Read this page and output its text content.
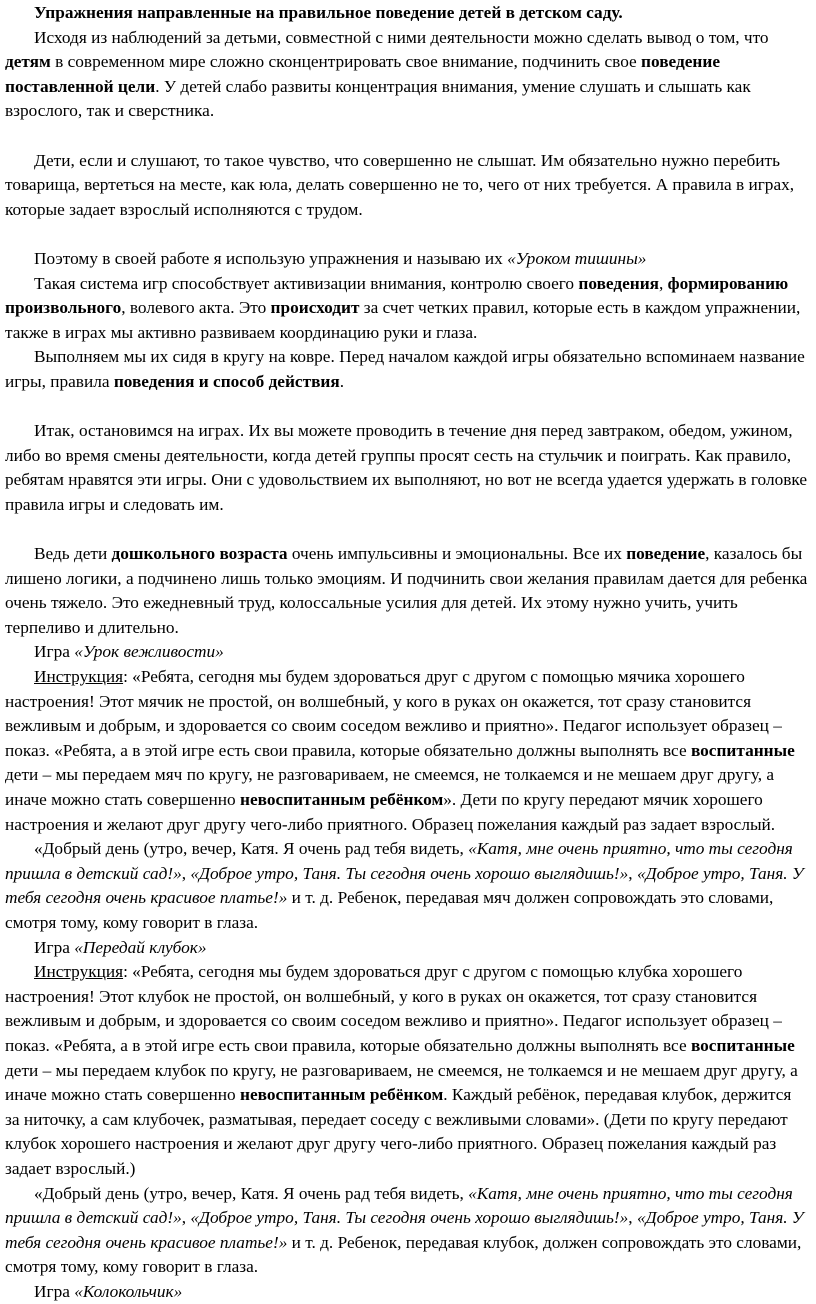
Упражнения направленные на правильное поведение детей в детском саду.

Исходя из наблюдений за детьми, совместной с ними деятельности можно сделать вывод о том, что детям в современном мире сложно сконцентрировать свое внимание, подчинить свое поведение поставленной цели. У детей слабо развиты концентрация внимания, умение слушать и слышать как взрослого, так и сверстника.

Дети, если и слушают, то такое чувство, что совершенно не слышат. Им обязательно нужно перебить товарища, вертеться на месте, как юла, делать совершенно не то, чего от них требуется. А правила в играх, которые задает взрослый исполняются с трудом.

Поэтому в своей работе я использую упражнения и называю их «Уроком тишины»

Такая система игр способствует активизации внимания, контролю своего поведения, формированию произвольного, волевого акта. Это происходит за счет четких правил, которые есть в каждом упражнении, также в играх мы активно развиваем координацию руки и глаза.

Выполняем мы их сидя в кругу на ковре. Перед началом каждой игры обязательно вспоминаем название игры, правила поведения и способ действия.

Итак, остановимся на играх. Их вы можете проводить в течение дня перед завтраком, обедом, ужином, либо во время смены деятельности, когда детей группы просят сесть на стульчик и поиграть. Как правило, ребятам нравятся эти игры. Они с удовольствием их выполняют, но вот не всегда удается удержать в головке правила игры и следовать им.

Ведь дети дошкольного возраста очень импульсивны и эмоциональны. Все их поведение, казалось бы лишено логики, а подчинено лишь только эмоциям. И подчинить свои желания правилам дается для ребенка очень тяжело. Это ежедневный труд, колоссальные усилия для детей. Их этому нужно учить, учить терпеливо и длительно.

Игра «Урок вежливости»

Инструкция: «Ребята, сегодня мы будем здороваться друг с другом с помощью мячика хорошего настроения! Этот мячик не простой, он волшебный, у кого в руках он окажется, тот сразу становится вежливым и добрым, и здоровается со своим соседом вежливо и приятно». Педагог использует образец – показ. «Ребята, а в этой игре есть свои правила, которые обязательно должны выполнять все воспитанные дети – мы передаем мяч по кругу, не разговариваем, не смеемся, не толкаемся и не мешаем друг другу, а иначе можно стать совершенно невоспитанным ребёнком». Дети по кругу передают мячик хорошего настроения и желают друг другу чего-либо приятного. Образец пожелания каждый раз задает взрослый.

«Добрый день (утро, вечер, Катя. Я очень рад тебя видеть, «Катя, мне очень приятно, что ты сегодня пришла в детский сад!», «Доброе утро, Таня. Ты сегодня очень хорошо выглядишь!», «Доброе утро, Таня. У тебя сегодня очень красивое платье!» и т. д. Ребенок, передавая мяч должен сопровождать это словами, смотря тому, кому говорит в глаза.

Игра «Передай клубок»

Инструкция: «Ребята, сегодня мы будем здороваться друг с другом с помощью клубка хорошего настроения! Этот клубок не простой, он волшебный, у кого в руках он окажется, тот сразу становится вежливым и добрым, и здоровается со своим соседом вежливо и приятно». Педагог использует образец – показ. «Ребята, а в этой игре есть свои правила, которые обязательно должны выполнять все воспитанные дети – мы передаем клубок по кругу, не разговариваем, не смеемся, не толкаемся и не мешаем друг другу, а иначе можно стать совершенно невоспитанным ребёнком. Каждый ребёнок, передавая клубок, держится за ниточку, а сам клубочек, разматывая, передает соседу с вежливыми словами». (Дети по кругу передают клубок хорошего настроения и желают друг другу чего-либо приятного. Образец пожелания каждый раз задает взрослый.)

«Добрый день (утро, вечер, Катя. Я очень рад тебя видеть, «Катя, мне очень приятно, что ты сегодня пришла в детский сад!», «Доброе утро, Таня. Ты сегодня очень хорошо выглядишь!», «Доброе утро, Таня. У тебя сегодня очень красивое платье!» и т. д. Ребенок, передавая клубок, должен сопровождать это словами, смотря тому, кому говорит в глаза.

Игра «Колокольчик»
